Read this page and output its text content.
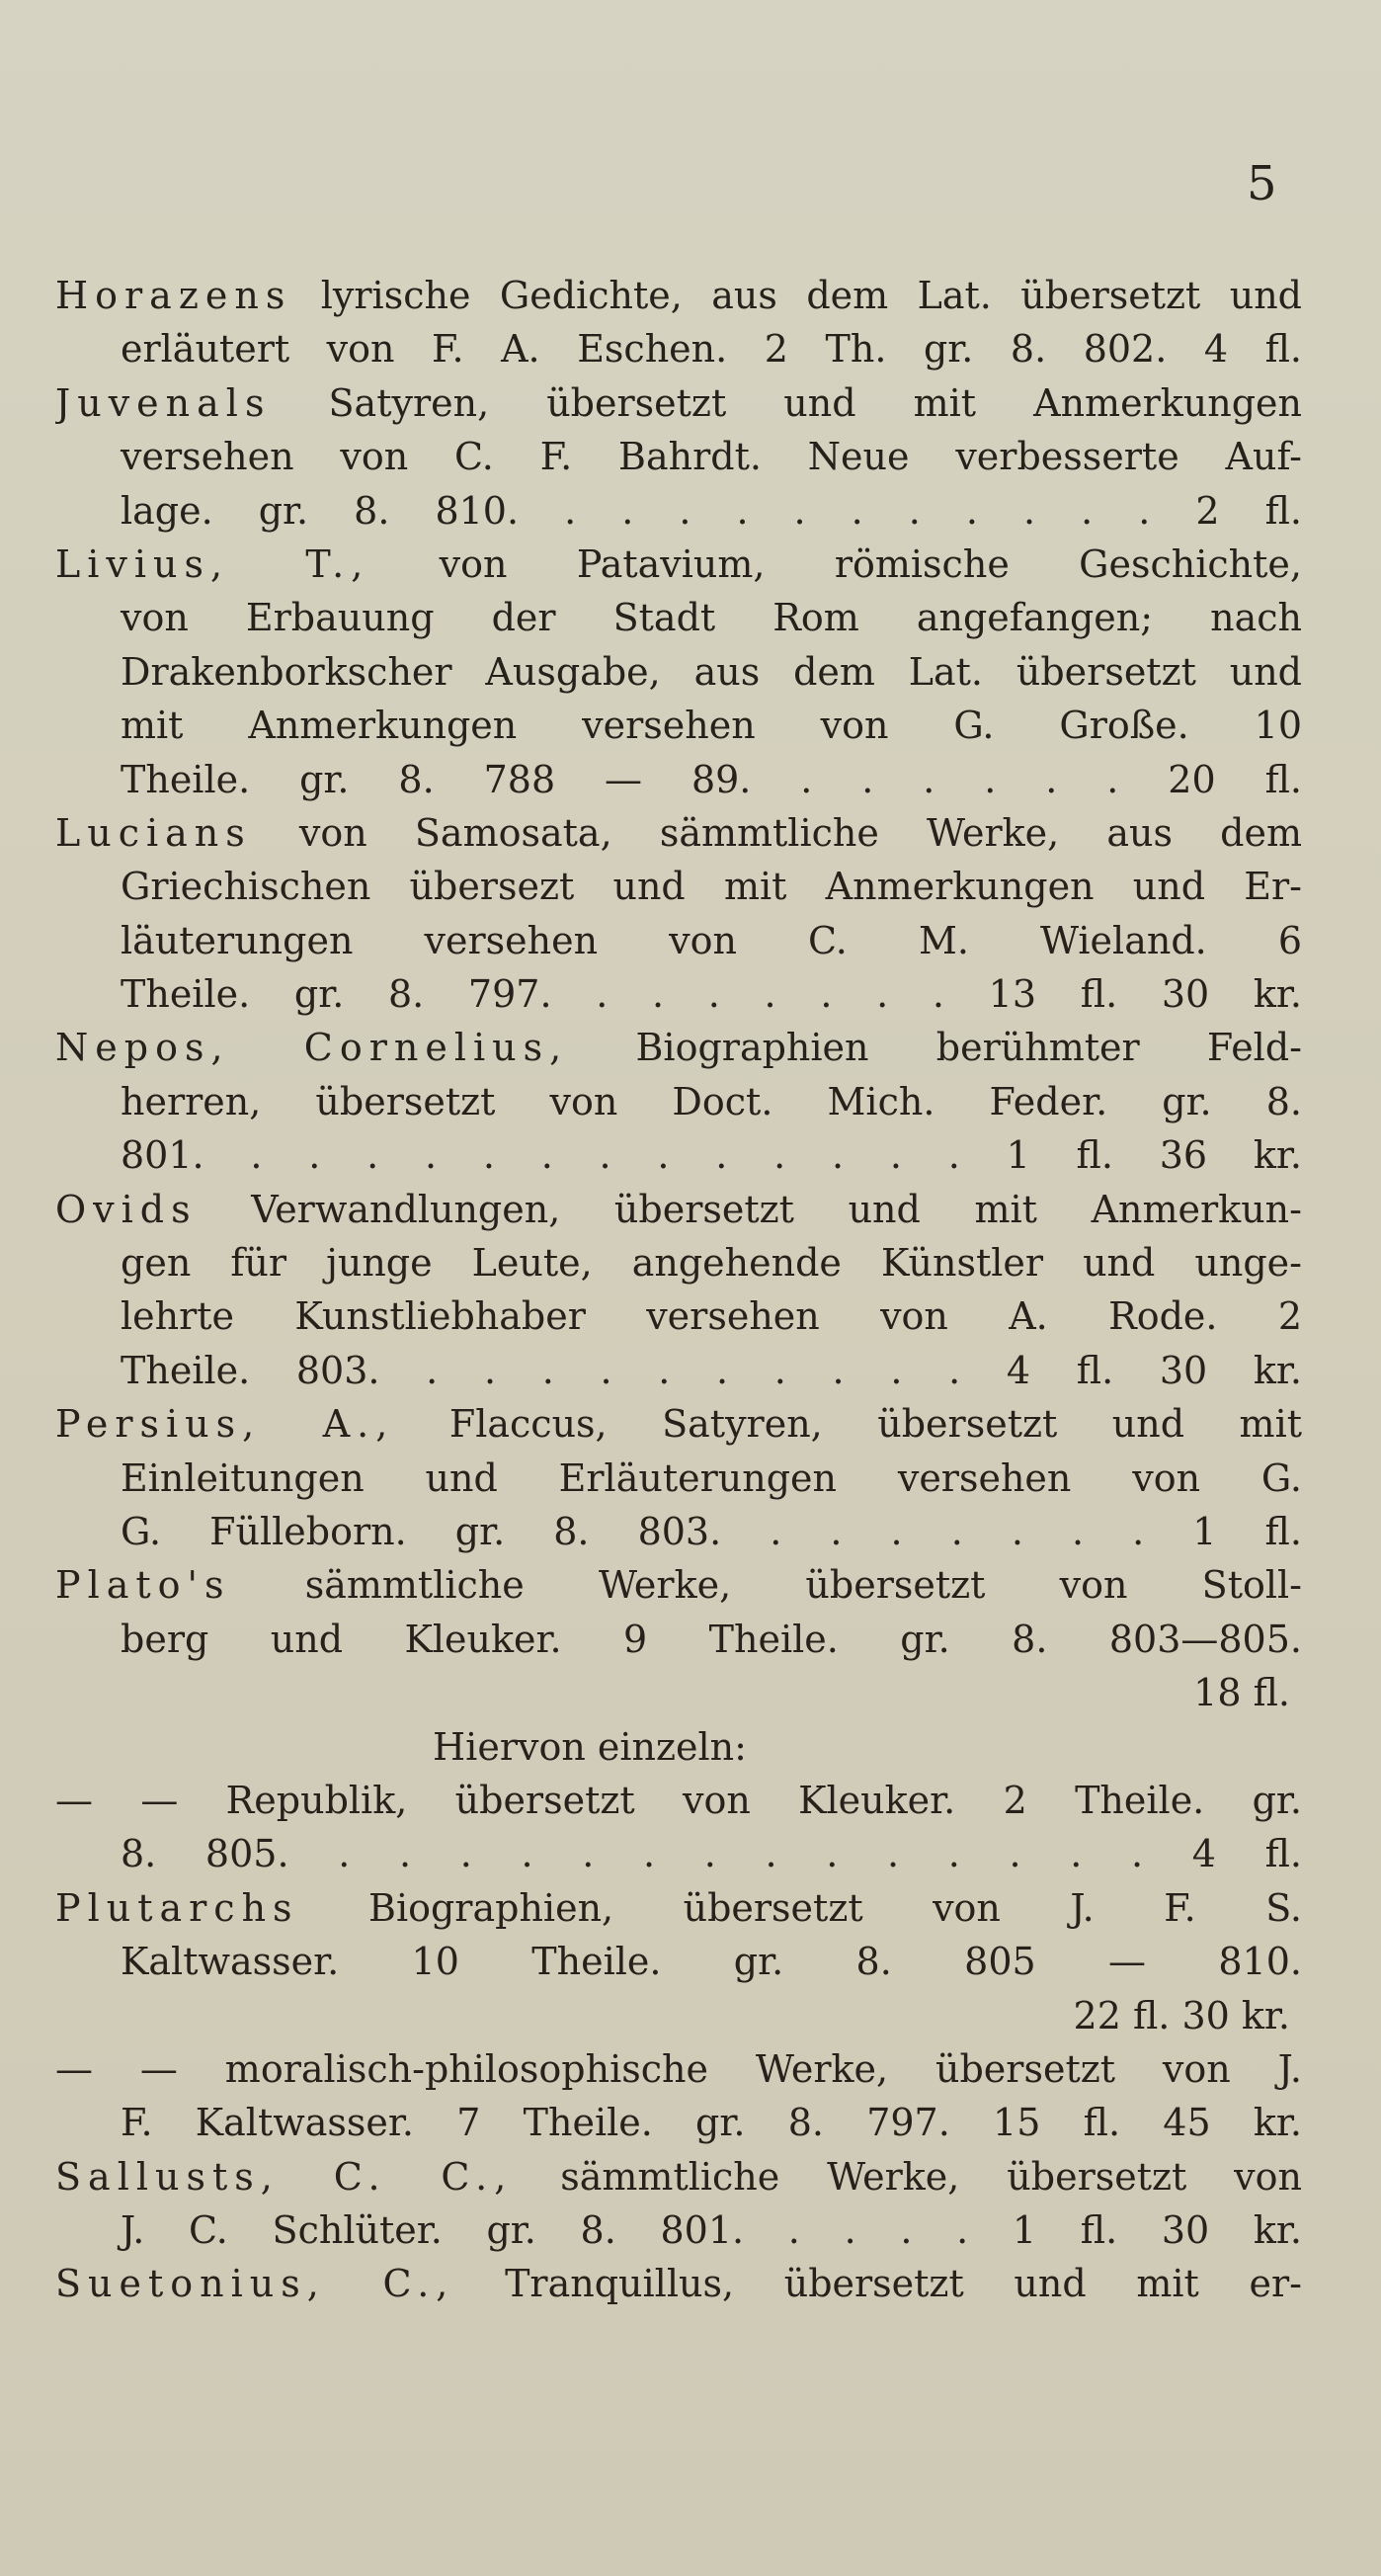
5
Horazens lyrische Gedichte, aus dem Lat. übersetzt und
erläutert von F. A. Eschen. 2 Th. gr. 8. 802. 4 fl.
Juvenals Satyren, übersetzt und mit Anmerkungen
versehen von C. F. Bahrdt. Neue verbesserte Auf-
lage. gr. 8. 810. . . . . . . . . . . . 2 fl.
Livius, T., von Patavium, römische Geschichte,
von Erbauung der Stadt Rom angefangen; nach
Drakenborkscher Ausgabe, aus dem Lat. übersetzt und
mit Anmerkungen versehen von G. Große. 10
Theile. gr. 8. 788 — 89. . . . . . . 20 fl.
Lucians von Samosata, sämmtliche Werke, aus dem
Griechischen übersezt und mit Anmerkungen und Er-
läuterungen versehen von C. M. Wieland. 6
Theile. gr. 8. 797. . . . . . . . 13 fl. 30 kr.
Nepos, Cornelius, Biographien berühmter Feld-
herren, übersetzt von Doct. Mich. Feder. gr. 8.
801. . . . . . . . . . . . . . 1 fl. 36 kr.
Ovids Verwandlungen, übersetzt und mit Anmerkun-
gen für junge Leute, angehende Künstler und unge-
lehrte Kunstliebhaber versehen von A. Rode. 2
Theile. 803. . . . . . . . . . . 4 fl. 30 kr.
Persius, A., Flaccus, Satyren, übersetzt und mit
Einleitungen und Erläuterungen versehen von G.
G. Fülleborn. gr. 8. 803. . . . . . . . 1 fl.
Plato's sämmtliche Werke, übersetzt von Stoll-
berg und Kleuker. 9 Theile. gr. 8. 803—805.
18 fl.
Hiervon einzeln:
— — Republik, übersetzt von Kleuker. 2 Theile. gr.
8. 805. . . . . . . . . . . . . . . 4 fl.
Plutarchs Biographien, übersetzt von J. F. S.
Kaltwasser. 10 Theile. gr. 8. 805 — 810.
22 fl. 30 kr.
— — moralisch-philosophische Werke, übersetzt von J.
F. Kaltwasser. 7 Theile. gr. 8. 797. 15 fl. 45 kr.
Sallusts, C. C., sämmtliche Werke, übersetzt von
J. C. Schlüter. gr. 8. 801. . . . . 1 fl. 30 kr.
Suetonius, C., Tranquillus, übersetzt und mit er-
